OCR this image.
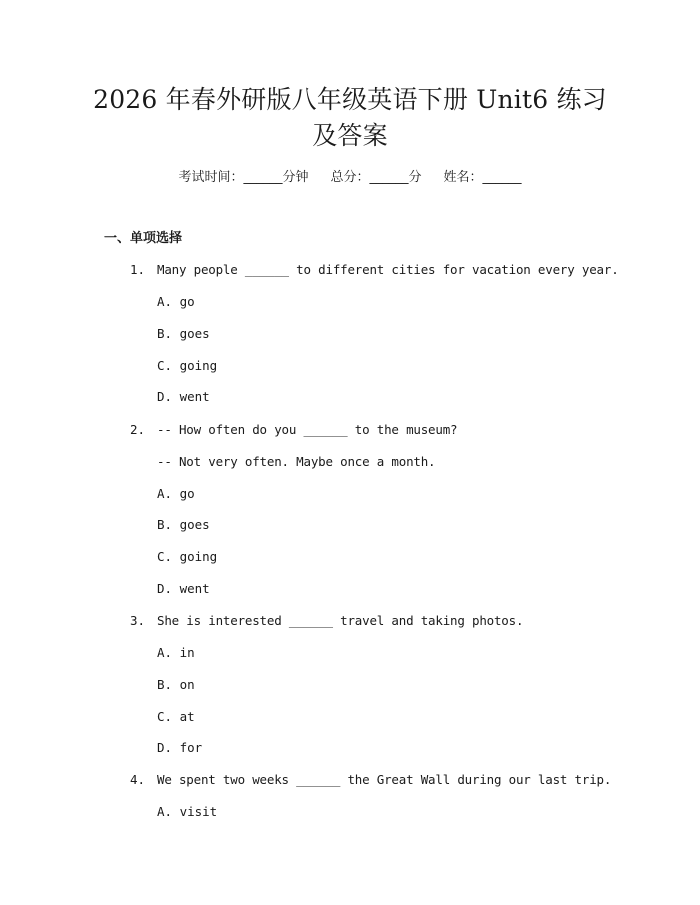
2026 年春外研版八年级英语下册 Unit6 练习
及答案
考试时间：______分钟 总分：______分 姓名：______
一、单项选择
1. Many people ______ to different cities for vacation every year.
A. go
B. goes
C. going
D. went
2. -- How often do you ______ to the museum?
-- Not very often. Maybe once a month.
A. go
B. goes
C. going
D. went
3. She is interested ______ travel and taking photos.
A. in
B. on
C. at
D. for
4. We spent two weeks ______ the Great Wall during our last trip.
A. visit
